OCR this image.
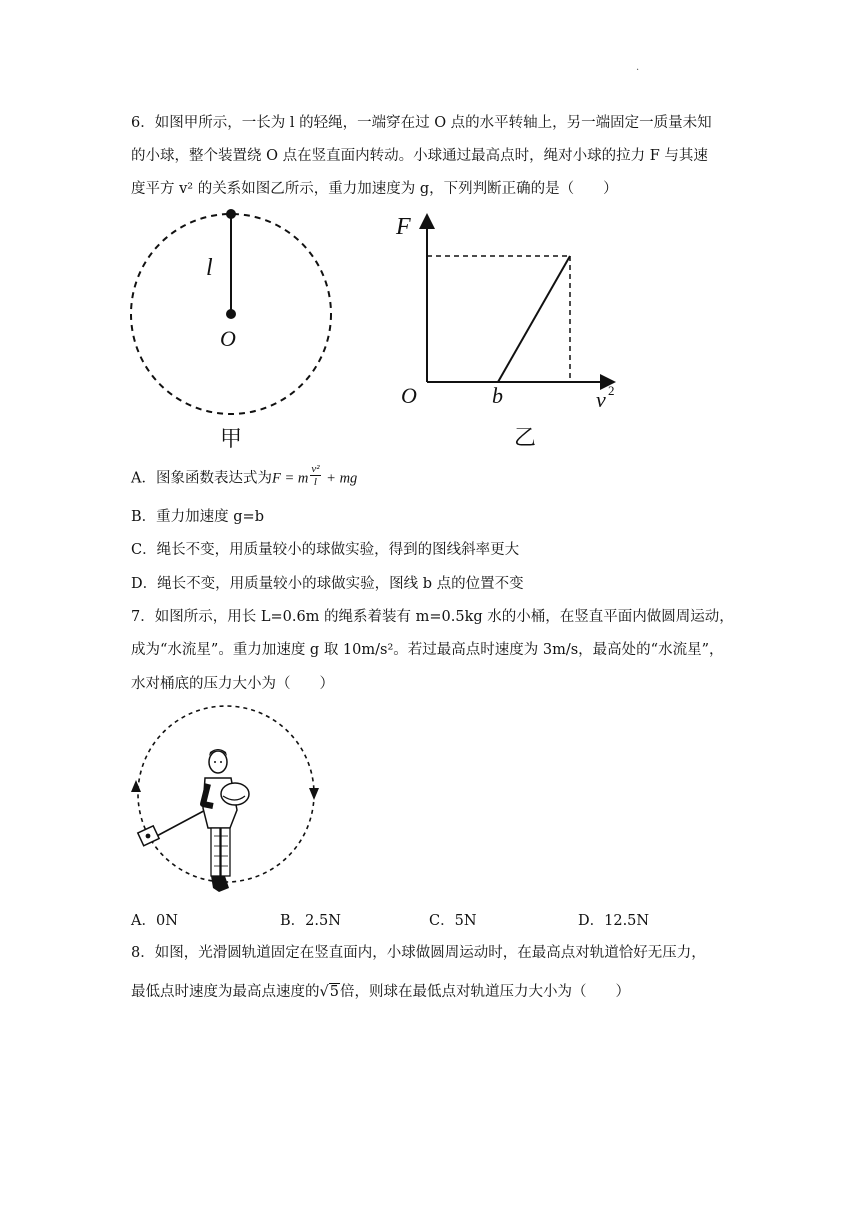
.
6．如图甲所示，一长为 l 的轻绳，一端穿在过 O 点的水平转轴上，另一端固定一质量未知
的小球，整个装置绕 O 点在竖直面内转动。小球通过最高点时，绳对小球的拉力 F 与其速
度平方 v² 的关系如图乙所示，重力加速度为 g，下列判断正确的是（　　）
l
O
甲
F
O	b	v 2
乙
A．图象函数表达式为F = m $\frac{\text{v²}}{l}$ + mg
B．重力加速度 g=b
C．绳长不变，用质量较小的球做实验，得到的图线斜率更大
D．绳长不变，用质量较小的球做实验，图线 b 点的位置不变
7．如图所示，用长 L=0.6m 的绳系着装有 m=0.5kg 水的小桶，在竖直平面内做圆周运动，
成为“水流星”。重力加速度 g 取 10m/s²。若过最高点时速度为 3m/s，最高处的“水流星”，
水对桶底的压力大小为（　　）
A．0N	B．2.5N	C．5N	D．12.5N
8．如图，光滑圆轨道固定在竖直面内，小球做圆周运动时，在最高点对轨道恰好无压力，
最低点时速度为最高点速度的√5倍，则球在最低点对轨道压力大小为（　　）
